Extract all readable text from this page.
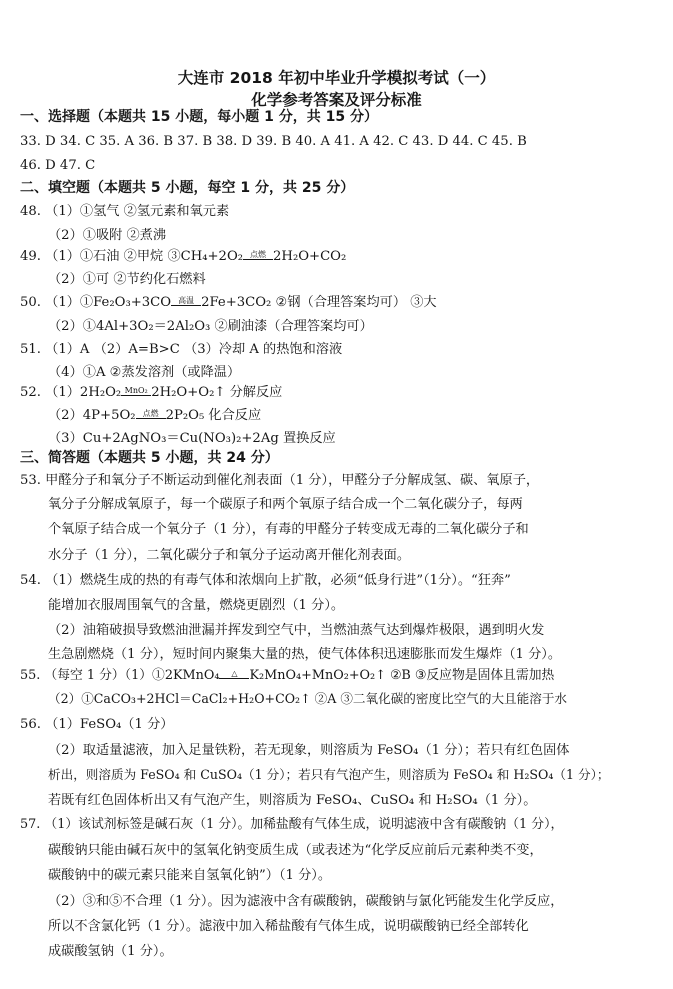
大连市 2018 年初中毕业升学模拟考试（一）
化学参考答案及评分标准
一、选择题（本题共 15 小题，每小题 1 分，共 15 分）
33. D 34. C 35. A 36. B 37. B 38. D 39. B 40. A 41. A 42. C 43. D 44. C 45. B
46. D 47. C
二、填空题（本题共 5 小题，每空 1 分，共 25 分）
48. （1）①氢气 ②氢元素和氧元素
（2）①吸附 ②煮沸
49. （1）①石油 ②甲烷 ③CH₄+2O₂ 点燃 2H₂O+CO₂
（2）①可 ②节约化石燃料
50. （1）①Fe₂O₃+3CO 高温 2Fe+3CO₂ ②钢（合理答案均可） ③大
（2）①4Al+3O₂＝2Al₂O₃ ②刷油漆（合理答案均可）
51. （1）A （2）A=B>C （3）冷却 A 的热饱和溶液
（4）①A ②蒸发溶剂（或降温）
52. （1）2H₂O₂ MnO₂ 2H₂O+O₂↑ 分解反应
（2）4P+5O₂ 点燃 2P₂O₅ 化合反应
（3）Cu+2AgNO₃＝Cu(NO₃)₂+2Ag 置换反应
三、简答题（本题共 5 小题，共 24 分）
53. 甲醛分子和氧分子不断运动到催化剂表面（1 分），甲醛分子分解成氢、碳、氧原子，
氧分子分解成氧原子，每一个碳原子和两个氧原子结合成一个二氧化碳分子，每两
个氧原子结合成一个氧分子（1 分），有毒的甲醛分子转变成无毒的二氧化碳分子和
水分子（1 分），二氧化碳分子和氧分子运动离开催化剂表面。
54. （1）燃烧生成的热的有毒气体和浓烟向上扩散，必须“低身行进”（1分）。“狂奔”
能增加衣服周围氧气的含量，燃烧更剧烈（1 分）。
（2）油箱破损导致燃油泄漏并挥发到空气中，当燃油蒸气达到爆炸极限，遇到明火发
生急剧燃烧（1 分），短时间内聚集大量的热，使气体体积迅速膨胀而发生爆炸（1 分）。
55. （每空 1 分）（1）①2KMnO₄ △ K₂MnO₄+MnO₂+O₂↑ ②B ③反应物是固体且需加热
（2）①CaCO₃+2HCl＝CaCl₂+H₂O+CO₂↑ ②A ③二氧化碳的密度比空气的大且能溶于水
56. （1）FeSO₄（1 分）
（2）取适量滤液，加入足量铁粉，若无现象，则溶质为 FeSO₄（1 分）；若只有红色固体
析出，则溶质为 FeSO₄ 和 CuSO₄（1 分）；若只有气泡产生，则溶质为 FeSO₄ 和 H₂SO₄（1 分）；
若既有红色固体析出又有气泡产生，则溶质为 FeSO₄、CuSO₄ 和 H₂SO₄（1 分）。
57. （1）该试剂标签是碱石灰（1 分）。加稀盐酸有气体生成，说明滤液中含有碳酸钠（1 分），
碳酸钠只能由碱石灰中的氢氧化钠变质生成（或表述为“化学反应前后元素种类不变，
碳酸钠中的碳元素只能来自氢氧化钠”）（1 分）。
（2）③和⑤不合理（1 分）。因为滤液中含有碳酸钠，碳酸钠与氯化钙能发生化学反应，
所以不含氯化钙（1 分）。滤液中加入稀盐酸有气体生成，说明碳酸钠已经全部转化
成碳酸氢钠（1 分）。
